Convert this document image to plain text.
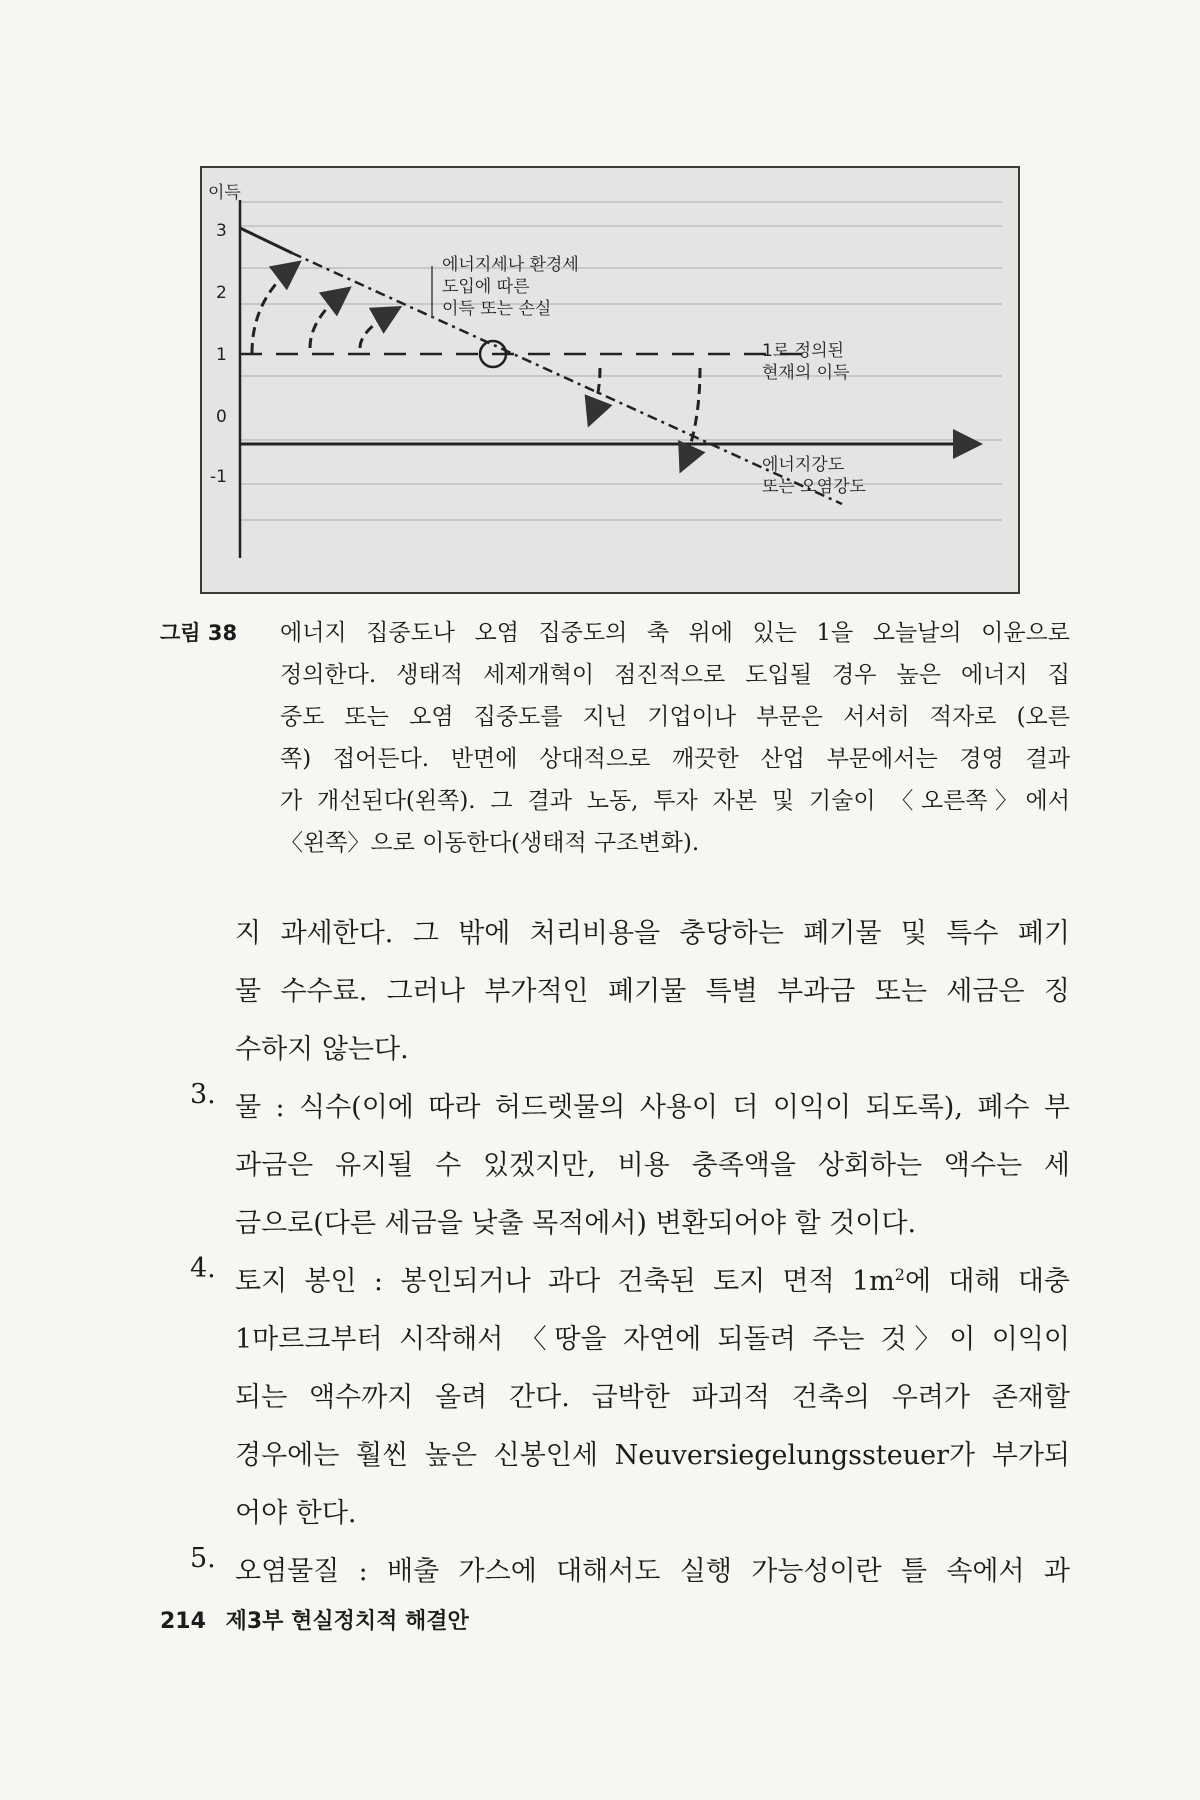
이득
3
2
1
0
-1
에너지세나 환경세 도입에 따른 이득 또는 손실
1로 정의된 현재의 이득
에너지강도 또는 오염강도
그림 38 에너지 집중도나 오염 집중도의 축 위에 있는 1을 오늘날의 이윤으로
정의한다. 생태적 세제개혁이 점진적으로 도입될 경우 높은 에너지 집
중도 또는 오염 집중도를 지닌 기업이나 부문은 서서히 적자로 (오른
쪽) 접어든다. 반면에 상대적으로 깨끗한 산업 부문에서는 경영 결과
가 개선된다(왼쪽). 그 결과 노동, 투자 자본 및 기술이 〈오른쪽〉에서
〈왼쪽〉으로 이동한다(생태적 구조변화).
지 과세한다. 그 밖에 처리비용을 충당하는 폐기물 및 특수 폐기
물 수수료. 그러나 부가적인 폐기물 특별 부과금 또는 세금은 징
수하지 않는다.
3. 물 : 식수(이에 따라 허드렛물의 사용이 더 이익이 되도록), 폐수 부
과금은 유지될 수 있겠지만, 비용 충족액을 상회하는 액수는 세
금으로(다른 세금을 낮출 목적에서) 변환되어야 할 것이다.
4. 토지 봉인 : 봉인되거나 과다 건축된 토지 면적 $1m^2$에 대해 대충
1마르크부터 시작해서 〈땅을 자연에 되돌려 주는 것〉이 이익이
되는 액수까지 올려 간다. 급박한 파괴적 건축의 우려가 존재할
경우에는 훨씬 높은 신봉인세 Neuversiegelungssteuer가 부가되
어야 한다.
5. 오염물질 : 배출 가스에 대해서도 실행 가능성이란 틀 속에서 과
214 제3부 현실정치적 해결안
